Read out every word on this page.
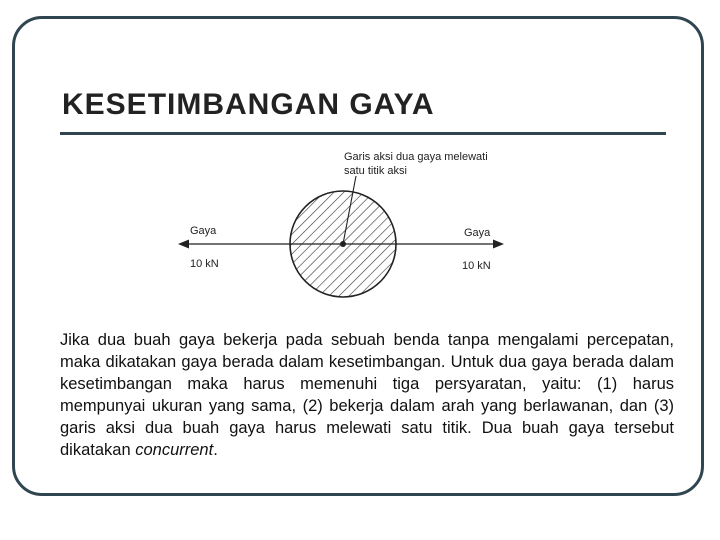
KESETIMBANGAN GAYA
Garis aksi dua gaya melewati
satu titik aksi
Gaya
10 kN
Gaya
10 kN

Jika dua buah gaya bekerja pada sebuah benda tanpa mengalami percepatan, maka dikatakan gaya berada dalam kesetimbangan. Untuk dua gaya berada dalam kesetimbangan maka harus memenuhi tiga persyaratan, yaitu: (1) harus mempunyai ukuran yang sama, (2) bekerja dalam arah yang berlawanan, dan (3) garis aksi dua buah gaya harus melewati satu titik. Dua buah gaya tersebut dikatakan concurrent.
